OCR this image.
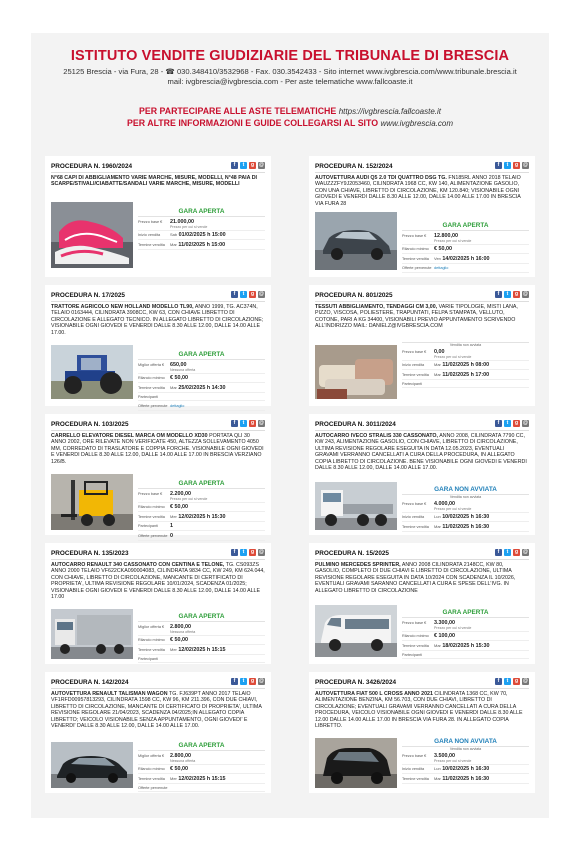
ISTITUTO VENDITE GIUDIZIARIE DEL TRIBUNALE DI BRESCIA
25125 Brescia - via Fura, 28 - ☎ 030.348410/3532968 - Fax. 030.3542433 - Sito internet www.ivgbrescia.com/www.tribunale.brescia.it
mail: ivgbrescia@ivgbrescia.com - Per aste telematiche www.fallcoaste.it
PER PARTECIPARE ALLE ASTE TELEMATICHE https://ivgbrescia.fallcoaste.it
PER ALTRE INFORMAZIONI E GUIDE COLLEGARSI AL SITO www.ivgbrescia.com
PROCEDURA N. 1960/2024	f	t	g	@
N°68 CAPI DI ABBIGLIAMENTO VARIE MARCHE, MISURE, MODELLI, N°48 PAIA DI SCARPE/STIVALI/CIABATTE/SANDALI VARIE MARCHE, MISURE, MODELLI
GARA APERTA
Prezzo base €	21.000,00
Prezzo per cui si vende
Inizio vendita	Sab 01/02/2025 h 15:00
Termine vendita	Mar 11/02/2025 h 15:00
PROCEDURA N. 152/2024	f	t	g	@
AUTOVETTURA AUDI Q5 2.0 TDI QUATTRO DSG TG. FN185RL ANNO 2018 TELAIO WAUZZZFY9J2053460, CILINDRATA 1968 CC, KW 140, ALIMENTAZIONE GASOLIO, CON UNA CHIAVE, LIBRETTO DI CIRCOLAZIONE, KM 120.840; VISIONABILE OGNI GIOVEDI E VENERDI DALLE 8.30 ALLE 12.00, DALLE 14.00 ALLE 17.00 IN BRESCIA VIA FURA 28
GARA APERTA
Prezzo base €	12.800,00
Prezzo per cui si vende
Rilancio minimo € 50,00
Termine vendita	Ven 14/02/2025 h 16:00
Offerte pervenute dettaglio
PROCEDURA N. 17/2025	f	t	g	@
TRATTORE AGRICOLO NEW HOLLAND MODELLO TL90, ANNO 1999, TG. AC374N, TELAIO 0163444, CILINDRATA 3908CC, KW 63, CON CHIAVE LIBRETTO DI CIRCOLAZIONE E ALLEGATO TECNICO. IN ALLEGATO LIBRETTO DI CIRCOLAZIONE; VISIONABILE OGNI GIOVEDI E VENERDI DALLE 8.30 ALLE 12.00, DALLE 14.00 ALLE 17.00.
GARA APERTA
Miglior offerta €	650,00
Nessuna offerta
Rilancio minimo € 50,00
Termine vendita	Mar 25/02/2025 h 14:30
Partecipanti
Offerte pervenute dettaglio
PROCEDURA N. 801/2025	f	t	g	@
TESSUTI ABBIGLIAMENTO, TENDAGGI CM 3,00, VARIE TIPOLOGIE, MISTI LANA, PIZZO, VISCOSA, POLIESTERE, TRAPUNTATI, FELPA STAMPATA, VELLUTO, COTONE, PARI A KG 34400, VISIONABILI PREVIO APPUNTAMENTO SCRIVENDO ALL'INDIRIZZO MAIL: DANIELZ@IVGBRESCIA.COM
Vendita non avviata
Prezzo base €	0,00
Prezzo per cui si vende
Inizio vendita	Mar 11/02/2025 h 08:00
Termine vendita	Mar 11/02/2025 h 17:00
Partecipanti
PROCEDURA N. 103/2025	f	t	g	@
CARRELLO ELEVATORE DIESEL MARCA OM MODELLO XD30 PORTATA QLI 30 ANNO 2002, ORE RILEVATE NON VERIFICATE 450, ALTEZZA SOLLEVAMENTO 4050 MM, CORREDATO DI TRASLATORE E COPPIA FORCHE. VISIONABILE OGNI GIOVEDI E VENERDI DALLE 8.30 ALLE 12.00, DALLE 14.00 ALLE 17.00 IN BRESCIA VERZIANO 126/B.
GARA APERTA
Prezzo base €	2.200,00
Prezzo per cui si vende
Rilancio minimo € 50,00
Termine vendita	Mer 12/02/2025 h 15:30
Partecipanti	1
Offerte pervenute 0
PROCEDURA N. 3011/2024	f	t	g	@
AUTOCARRO IVECO STRALIS 330 CASSONATO, ANNO 2008, CILINDRATA 7790 CC, KW 243, ALIMENTAZIONE GASOLIO, CON CHIAVE, LIBRETTO DI CIRCOLAZIONE, ULTIMA REVISIONE REGOLARE ESEGUITA IN DATA 12.05.2023, EVENTUALI GRAVAMI VERRANNO CANCELLATI A CURA DELLA PROCEDURA, IN ALLEGATO COPIA LIBRETTO DI CIRCOLAZIONE. BENE VISIONABILE OGNI GIOVEDI E VENERDI DALLE 8.30 ALLE 12.00, DALLE 14.00 ALLE 17.00.
GARA NON AVVIATA
Vendita non avviata
Prezzo base €	4.000,00
Prezzo per cui si vende
Inizio vendita	Lun 10/02/2025 h 16:30
Termine vendita	Mar 11/02/2025 h 16:30
PROCEDURA N. 135/2023	f	t	g	@
AUTOCARRO RENAULT 340 CASSONATO CON CENTINA E TELONE, TG. CS093ZS ANNO 2000 TELAIO VF622CKA090004083, CILINDRATA 9834 CC, KW 249, KM 624.044, CON CHIAVE, LIBRETTO DI CIRCOLAZIONE, MANCANTE DI CERTIFICATO DI PROPRIETA', ULTIMA REVISIONE REGOLARE 10/01/2024, SCADENZA 01/2025; VISIONABILE OGNI GIOVEDI E VENERDI DALLE 8.30 ALLE 12.00, DALLE 14.00 ALLE 17.00
GARA APERTA
Miglior offerta €	2.800,00
Nessuna offerta
Rilancio minimo € 50,00
Termine vendita	Mer 12/02/2025 h 15:15
Partecipanti
PROCEDURA N. 15/2025	f	t	g	@
PULMINO MERCEDES SPRINTER, ANNO 2008 CILINDRATA 2148CC, KW 80, GASOLIO, COMPLETO DI DUE CHIAVI E LIBRETTO DI CIRCOLAZIONE, ULTIMA REVISIONE REGOLARE ESEGUITA IN DATA 10/2024 CON SCADENZA IL 10/2026, EVENTUALI GRAVAMI SARANNO CANCELLATI A CURA E SPESE DELL'IVG. IN ALLEGATO LIBRETTO DI CIRCOLAZIONE
GARA APERTA
Prezzo base €	3.300,00
Prezzo per cui si vende
Rilancio minimo € 100,00
Termine vendita	Mar 18/02/2025 h 15:30
Partecipanti
PROCEDURA N. 142/2024	f	t	g	@
AUTOVETTURA RENAULT TALISMAN WAGON TG. FJ639PT ANNO 2017 TELAIO VF1RFD00957813293, CILINDRATA 1598 CC, KW 96, KM 211.396, CON DUE CHIAVI, LIBRETTO DI CIRCOLAZIONE, MANCANTE DI CERTIFICATO DI PROPRIETA', ULTIMA REVISIONE REGOLARE 21/04/2023, SCADENZA 04/2025;IN ALLEGATO COPIA LIBRETTO; VEICOLO VISIONABILE SENZA APPUNTAMENTO, OGNI GIOVEDI' E VENERDI' DALLE 8.30 ALLE 12.00, DALLE 14.00 ALLE 17.00.
GARA APERTA
Miglior offerta €	2.800,00
Nessuna offerta
Rilancio minimo € 50,00
Termine vendita	Mer 12/02/2025 h 15:15
Offerte pervenute
PROCEDURA N. 3426/2024	f	t	g	@
AUTOVETTURA FIAT 500 L CROSS ANNO 2021 CILINDRATA 1368 CC, KW 70, ALIMENTAZIONE BENZINA, KM 56.703, CON DUE CHIAVI, LIBRETTO DI CIRCOLAZIONE; EVENTUALI GRAVAMI VERRANNO CANCELLATI A CURA DELLA PROCEDURA, VEICOLO VISIONABILE OGNI GIOVEDI E VENERDI DALLE 8.30 ALLE 12.00 DALLE 14.00 ALLE 17.00 IN BRESCIA VIA FURA 28. IN ALLEGATO COPIA LIBRETTO.
GARA NON AVVIATA
Vendita non avviata
Prezzo base €	3.500,00
Prezzo per cui si vende
Inizio vendita	Lun 10/02/2025 h 16:30
Termine vendita	Mar 11/02/2025 h 16:30
